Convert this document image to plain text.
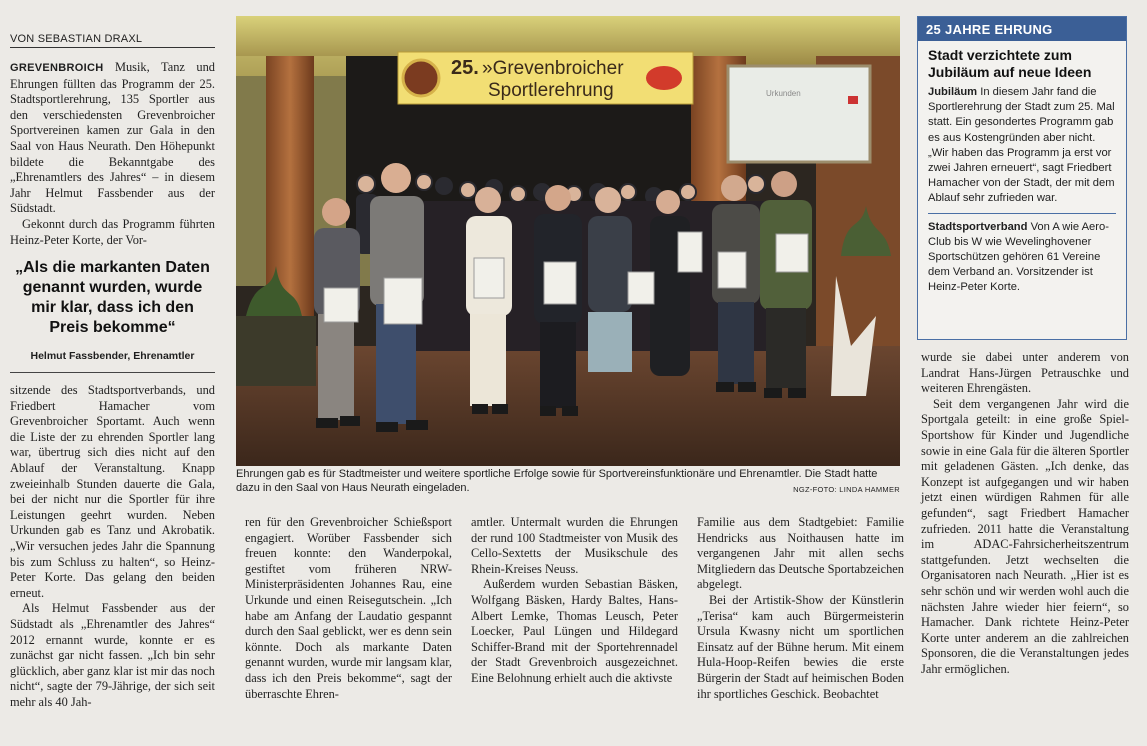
VON SEBASTIAN DRAXL

GREVENBROICH Musik, Tanz und Ehrungen füllten das Programm der 25. Stadtsportlerehrung, 135 Sportler aus den verschiedensten Grevenbroicher Sportvereinen kamen zur Gala in den Saal von Haus Neurath. Den Höhepunkt bildete die Bekanntgabe des „Ehrenamtlers des Jahres“ – in diesem Jahr Helmut Fassbender aus der Südstadt.

Gekonnt durch das Programm führten Heinz-Peter Korte, der Vor-

„Als die markanten Daten genannt wurden, wurde mir klar, dass ich den Preis bekomme“
Helmut Fassbender, Ehrenamtler

sitzende des Stadtsportverbands, und Friedbert Hamacher vom Grevenbroicher Sportamt. Auch wenn die Liste der zu ehrenden Sportler lang war, übertrug sich dies nicht auf den Ablauf der Veranstaltung. Knapp zweieinhalb Stunden dauerte die Gala, bei der nicht nur die Sportler für ihre Leistungen geehrt wurden. Neben Urkunden gab es Tanz und Akrobatik. „Wir versuchen jedes Jahr die Spannung bis zum Schluss zu halten“, so Heinz-Peter Korte. Das gelang den beiden erneut.

Als Helmut Fassbender aus der Südstadt als „Ehrenamtler des Jahres“ 2012 ernannt wurde, konnte er es zunächst gar nicht fassen. „Ich bin sehr glücklich, aber ganz klar ist mir das noch nicht“, sagte der 79-Jährige, der sich seit mehr als 40 Jah-

25. »Grevenbroicher
Sportlerehrung	Urkunden
Ehrungen gab es für Stadtmeister und weitere sportliche Erfolge sowie für Sportvereinsfunktionäre und Ehrenamtler. Die Stadt hatte dazu in den Saal von Haus Neurath eingeladen.	NGZ-FOTO: LINDA HAMMER

ren für den Grevenbroicher Schießsport engagiert. Worüber Fassbender sich freuen konnte: den Wanderpokal, gestiftet vom früheren NRW-Ministerpräsidenten Johannes Rau, eine Urkunde und einen Reisegutschein. „Ich habe am Anfang der Laudatio gespannt durch den Saal geblickt, wer es denn sein könnte. Doch als markante Daten genannt wurden, wurde mir langsam klar, dass ich den Preis bekomme“, sagt der überraschte Ehren-

amtler. Untermalt wurden die Ehrungen der rund 100 Stadtmeister von Musik des Cello-Sextetts der Musikschule des Rhein-Kreises Neuss.

Außerdem wurden Sebastian Bäsken, Wolfgang Bäsken, Hardy Baltes, Hans-Albert Lemke, Thomas Leusch, Peter Loecker, Paul Lüngen und Hildegard Schiffer-Brand mit der Sportehrennadel der Stadt Grevenbroich ausgezeichnet. Eine Belohnung erhielt auch die aktivste

Familie aus dem Stadtgebiet: Familie Hendricks aus Noithausen hatte im vergangenen Jahr mit allen sechs Mitgliedern das Deutsche Sportabzeichen abgelegt.

Bei der Artistik-Show der Künstlerin „Terisa“ kam auch Bürgermeisterin Ursula Kwasny nicht um sportlichen Einsatz auf der Bühne herum. Mit einem Hula-Hoop-Reifen bewies die erste Bürgerin der Stadt auf heimischen Boden ihr sportliches Geschick. Beobachtet

wurde sie dabei unter anderem von Landrat Hans-Jürgen Petrauschke und weiteren Ehrengästen.

Seit dem vergangenen Jahr wird die Sportgala geteilt: in eine große Spiel-Sportshow für Kinder und Jugendliche sowie in eine Gala für die älteren Sportler mit geladenen Gästen. „Ich denke, das Konzept ist aufgegangen und wir haben jetzt einen würdigen Rahmen für alle gefunden“, sagt Friedbert Hamacher zufrieden. 2011 hatte die Veranstaltung im ADAC-Fahrsicherheitszentrum stattgefunden. Jetzt wechselten die Organisatoren nach Neurath. „Hier ist es sehr schön und wir werden wohl auch die nächsten Jahre wieder hier feiern“, so Hamacher. Dank richtete Heinz-Peter Korte unter anderem an die zahlreichen Sponsoren, die die Veranstaltungen jedes Jahr ermöglichen.

25 JAHRE EHRUNG
Stadt verzichtete zum Jubiläum auf neue Ideen
Jubiläum In diesem Jahr fand die Sportlerehrung der Stadt zum 25. Mal statt. Ein gesondertes Programm gab es aus Kostengründen aber nicht. „Wir haben das Programm ja erst vor zwei Jahren erneuert“, sagt Friedbert Hamacher von der Stadt, der mit dem Ablauf sehr zufrieden war.
Stadtsportverband Von A wie Aero-Club bis W wie Wevelinghovener Sportschützen gehören 61 Vereine dem Verband an. Vorsitzender ist Heinz-Peter Korte.
